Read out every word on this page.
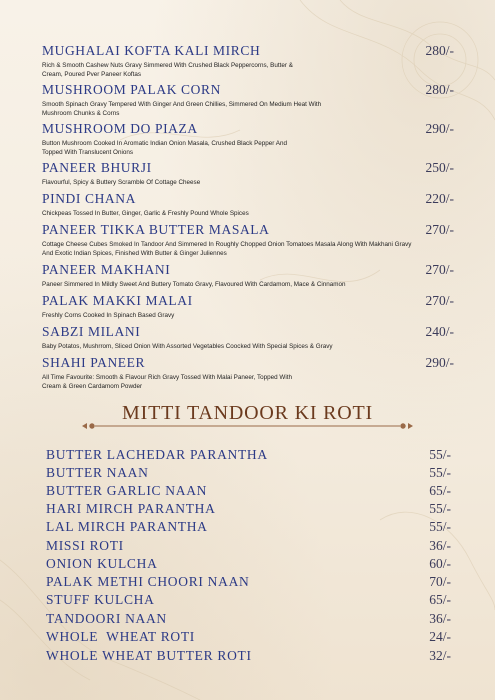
MUGHALAI KOFTA KALI MIRCH	280/-
Rich & Smooth Cashew Nuts Gravy Simmered With Crushed Black Peppercorns, Butter & Cream, Poured Pver Paneer Koftas
MUSHROOM PALAK CORN	280/-
Smooth Spinach Gravy Tempered With Ginger And Green Chillies, Simmered On Medium Heat With Mushroom Chunks & Corns
MUSHROOM DO PIAZA	290/-
Button Mushroom Cooked In Aromatic Indian Onion Masala, Crushed Black Pepper And Topped With Translucent Onions
PANEER BHURJI	250/-
Flavourful, Spicy & Buttery Scramble Of Cottage Cheese
PINDI CHANA	220/-
Chickpeas Tossed In Butter, Ginger, Garlic & Freshly Pound Whole Spices
PANEER TIKKA BUTTER MASALA	270/-
Cottage Cheese Cubes Smoked In Tandoor And Simmered In Roughly Chopped Onion Tomatoes Masala Along With Makhani Gravy And Exotic Indian Spices, Finished With Butter & Ginger Juliennes
PANEER MAKHANI	270/-
Paneer Simmered In Mildly Sweet And Buttery Tomato Gravy, Flavoured With Cardamom, Mace & Cinnamon
PALAK MAKKI MALAI	270/-
Freshly Corns Cooked In Spinach Based Gravy
SABZI MILANI	240/-
Baby Potatos, Mushrrom, Sliced Onion With Assorted Vegetables Coocked With Special Spices & Gravy
SHAHI PANEER	290/-
All Time Favourite: Smooth & Flavour Rich Gravy Tossed With Malai Paneer, Topped With Cream & Green Cardamom Powder
MITTI TANDOOR KI ROTI
BUTTER LACHEDAR PARANTHA	55/-
BUTTER NAAN	55/-
BUTTER GARLIC NAAN	65/-
HARI MIRCH PARANTHA	55/-
LAL MIRCH PARANTHA	55/-
MISSI ROTI	36/-
ONION KULCHA	60/-
PALAK METHI CHOORI NAAN	70/-
STUFF KULCHA	65/-
TANDOORI NAAN	36/-
WHOLE  WHEAT ROTI	24/-
WHOLE WHEAT BUTTER ROTI	32/-
